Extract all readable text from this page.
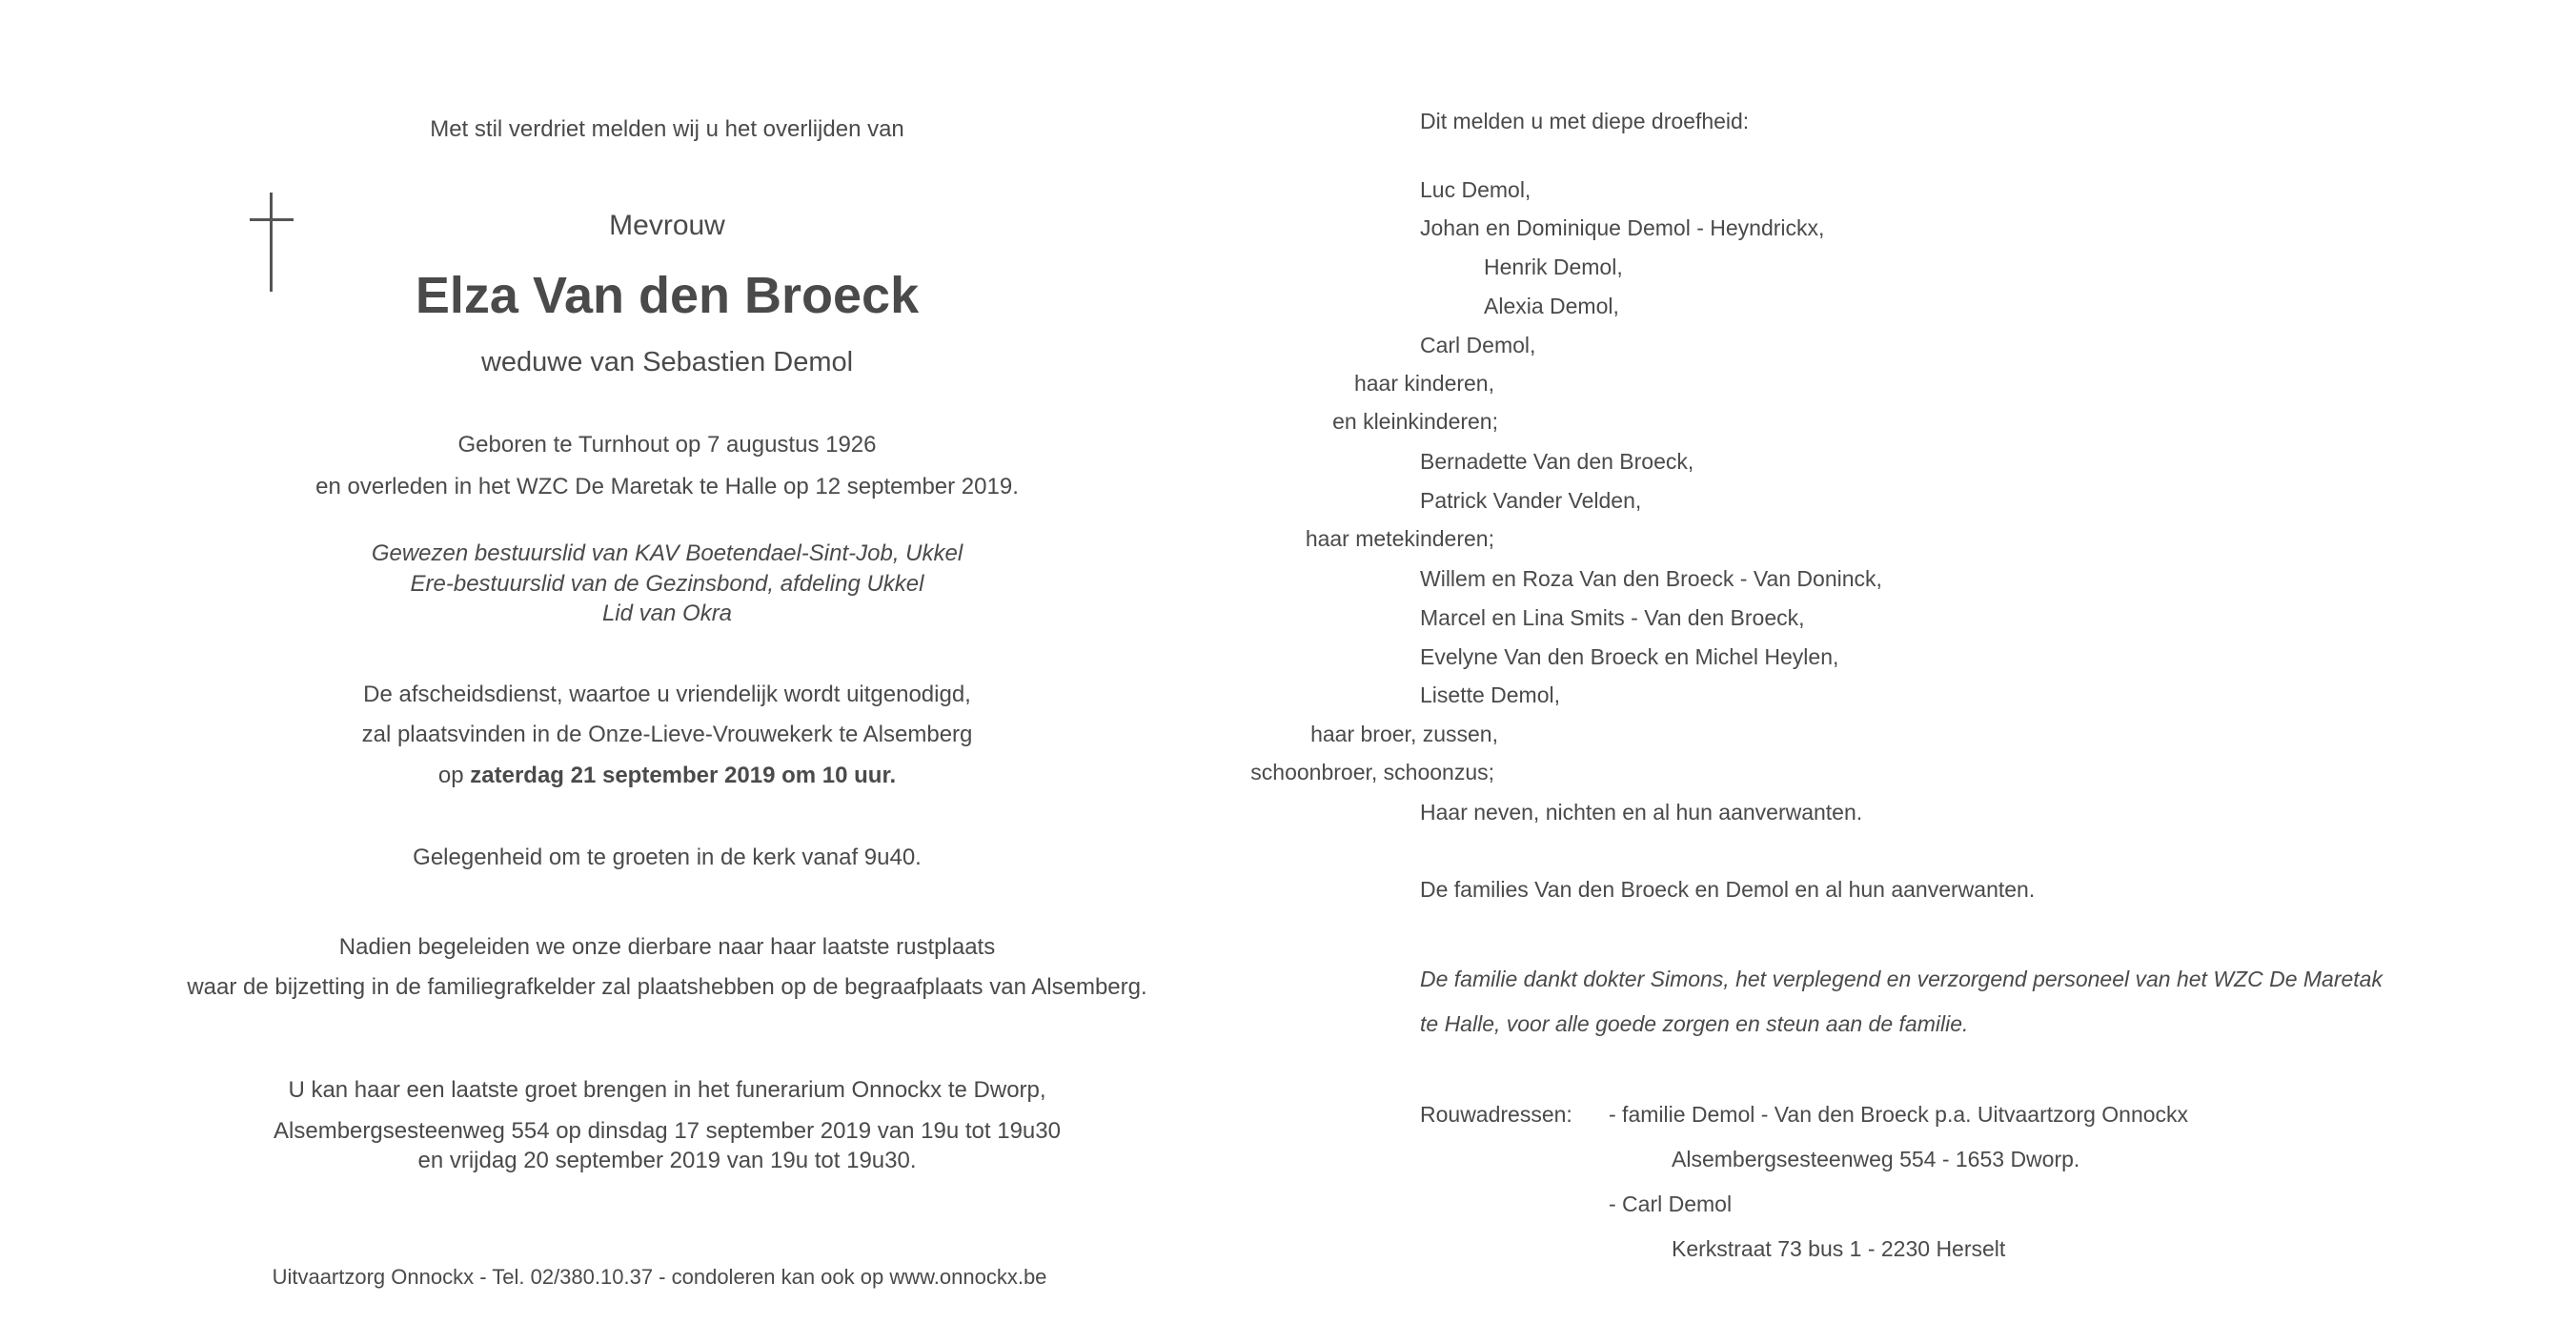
Met stil verdriet melden wij u het overlijden van
Mevrouw
Elza Van den Broeck
weduwe van Sebastien Demol
Geboren te Turnhout op 7 augustus 1926
en overleden in het WZC De Maretak te Halle op 12 september 2019.
Gewezen bestuurslid van KAV Boetendael-Sint-Job, Ukkel
Ere-bestuurslid van de Gezinsbond, afdeling Ukkel
Lid van Okra
De afscheidsdienst, waartoe u vriendelijk wordt uitgenodigd,
zal plaatsvinden in de Onze-Lieve-Vrouwekerk te Alsemberg
op zaterdag 21 september 2019 om 10 uur.
Gelegenheid om te groeten in de kerk vanaf 9u40.
Nadien begeleiden we onze dierbare naar haar laatste rustplaats
waar de bijzetting in de familiegrafkelder zal plaatshebben op de begraafplaats van Alsemberg.
U kan haar een laatste groet brengen in het funerarium Onnockx te Dworp,
Alsembergsesteenweg 554 op dinsdag 17 september 2019 van 19u tot 19u30
en vrijdag 20 september 2019 van 19u tot 19u30.
Uitvaartzorg Onnockx - Tel. 02/380.10.37 - condoleren kan ook op www.onnockx.be
Dit melden u met diepe droefheid:
Luc Demol,
Johan en Dominique Demol - Heyndrickx,
Henrik Demol,
Alexia Demol,
Carl Demol,
haar kinderen,
en kleinkinderen;
Bernadette Van den Broeck,
Patrick Vander Velden,
haar metekinderen;
Willem en Roza Van den Broeck - Van Doninck,
Marcel en Lina Smits - Van den Broeck,
Evelyne Van den Broeck en Michel Heylen,
Lisette Demol,
haar broer, zussen,
schoonbroer, schoonzus;
Haar neven, nichten en al hun aanverwanten.
De families Van den Broeck en Demol en al hun aanverwanten.
De familie dankt dokter Simons, het verplegend en verzorgend personeel van het WZC De Maretak
te Halle, voor alle goede zorgen en steun aan de familie.
Rouwadressen: - familie Demol - Van den Broeck p.a. Uitvaartzorg Onnockx
Alsembergsesteenweg 554 - 1653 Dworp.
- Carl Demol
Kerkstraat 73 bus 1 - 2230 Herselt
